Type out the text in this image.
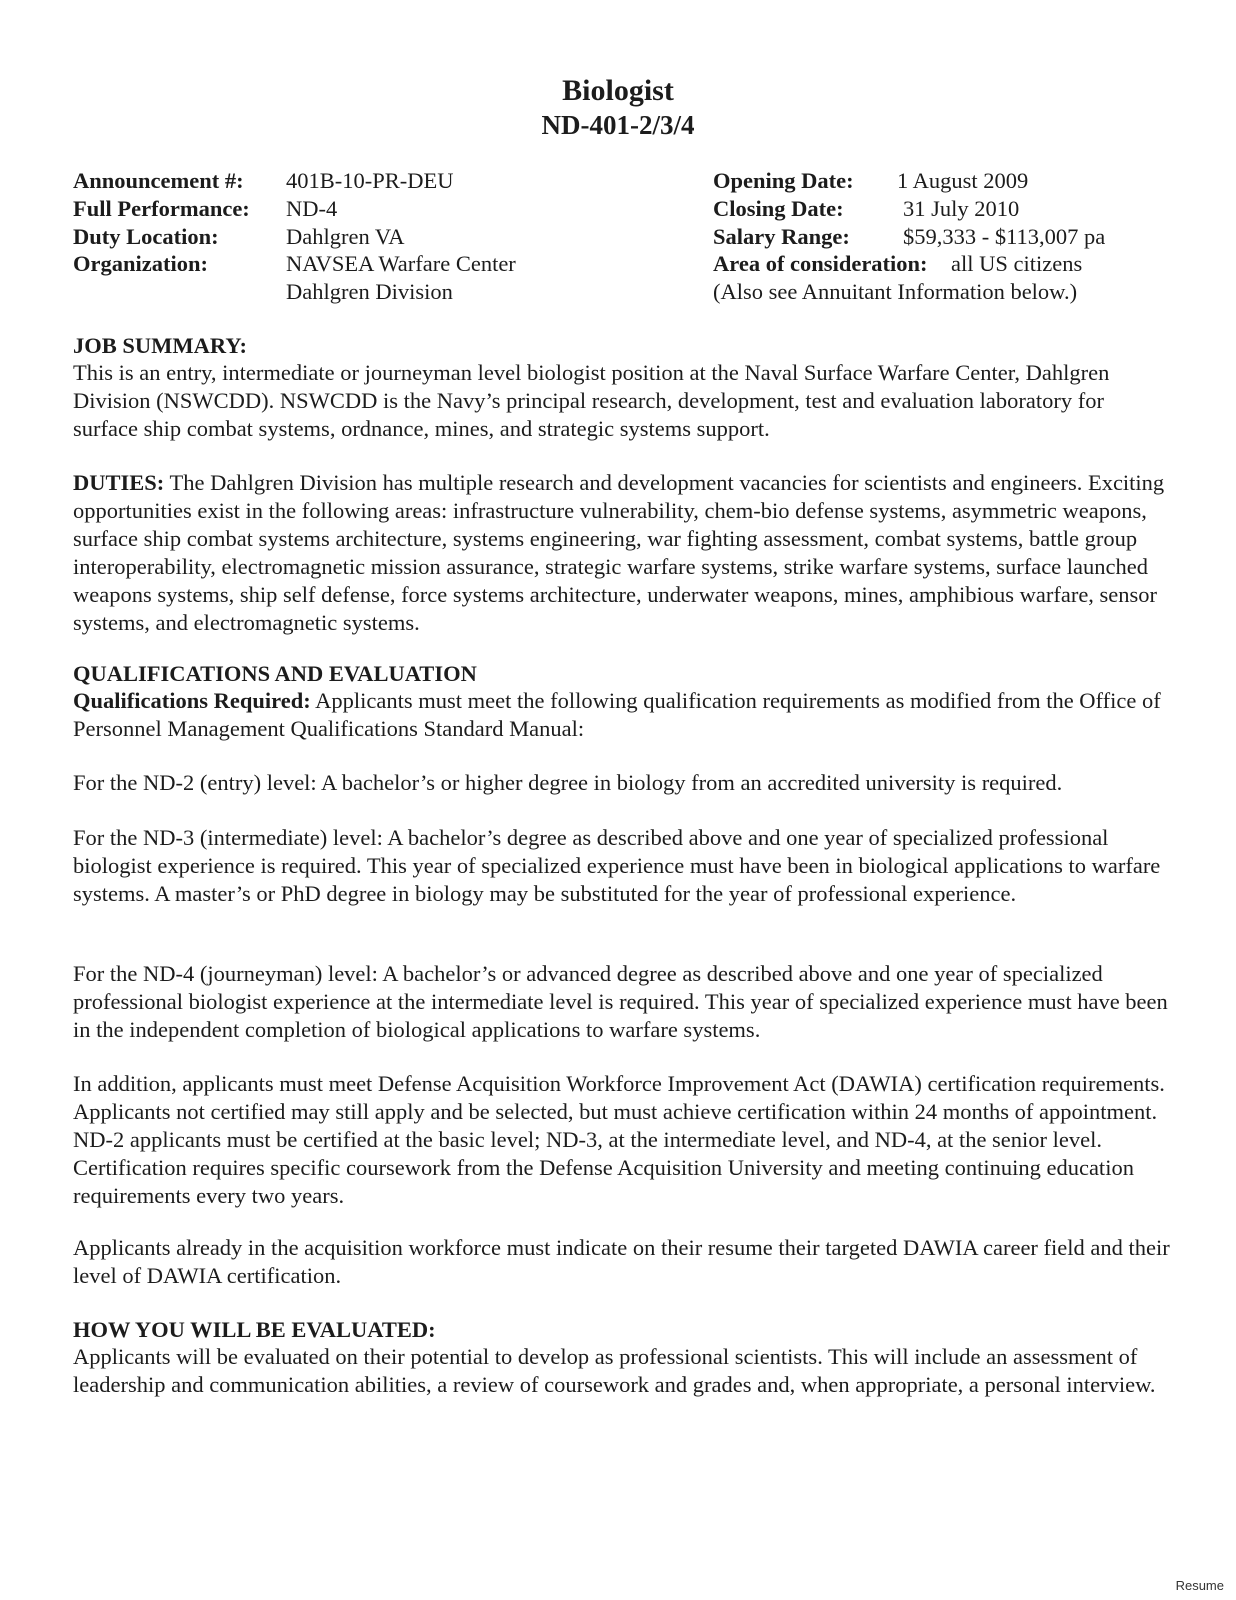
Biologist
ND-401-2/3/4
Announcement #: 401B-10-PR-DEU
Full Performance: ND-4
Duty Location:	Dahlgren VA
Organization:	NAVSEA Warfare Center
Dahlgren Division
Opening Date: 1 August 2009
Closing Date:	31 July 2010
Salary Range: $59,333 - $113,007 pa
Area of consideration: all US citizens
(Also see Annuitant Information below.)
JOB SUMMARY:
This is an entry, intermediate or journeyman level biologist position at the Naval Surface Warfare Center, Dahlgren Division (NSWCDD). NSWCDD is the Navy’s principal research, development, test and evaluation laboratory for surface ship combat systems, ordnance, mines, and strategic systems support.
DUTIES: The Dahlgren Division has multiple research and development vacancies for scientists and engineers. Exciting opportunities exist in the following areas: infrastructure vulnerability, chem-bio defense systems, asymmetric weapons, surface ship combat systems architecture, systems engineering, war fighting assessment, combat systems, battle group interoperability, electromagnetic mission assurance, strategic warfare systems, strike warfare systems, surface launched weapons systems, ship self defense, force systems architecture, underwater weapons, mines, amphibious warfare, sensor systems, and electromagnetic systems.
QUALIFICATIONS AND EVALUATION
Qualifications Required: Applicants must meet the following qualification requirements as modified from the Office of Personnel Management Qualifications Standard Manual:
For the ND-2 (entry) level: A bachelor’s or higher degree in biology from an accredited university is required.
For the ND-3 (intermediate) level: A bachelor’s degree as described above and one year of specialized professional biologist experience is required. This year of specialized experience must have been in biological applications to warfare systems. A master’s or PhD degree in biology may be substituted for the year of professional experience.
For the ND-4 (journeyman) level: A bachelor’s or advanced degree as described above and one year of specialized professional biologist experience at the intermediate level is required. This year of specialized experience must have been in the independent completion of biological applications to warfare systems.
In addition, applicants must meet Defense Acquisition Workforce Improvement Act (DAWIA) certification requirements. Applicants not certified may still apply and be selected, but must achieve certification within 24 months of appointment. ND-2 applicants must be certified at the basic level; ND-3, at the intermediate level, and ND-4, at the senior level. Certification requires specific coursework from the Defense Acquisition University and meeting continuing education requirements every two years.
Applicants already in the acquisition workforce must indicate on their resume their targeted DAWIA career field and their level of DAWIA certification.
HOW YOU WILL BE EVALUATED:
Applicants will be evaluated on their potential to develop as professional scientists. This will include an assessment of leadership and communication abilities, a review of coursework and grades and, when appropriate, a personal interview.
Resume
